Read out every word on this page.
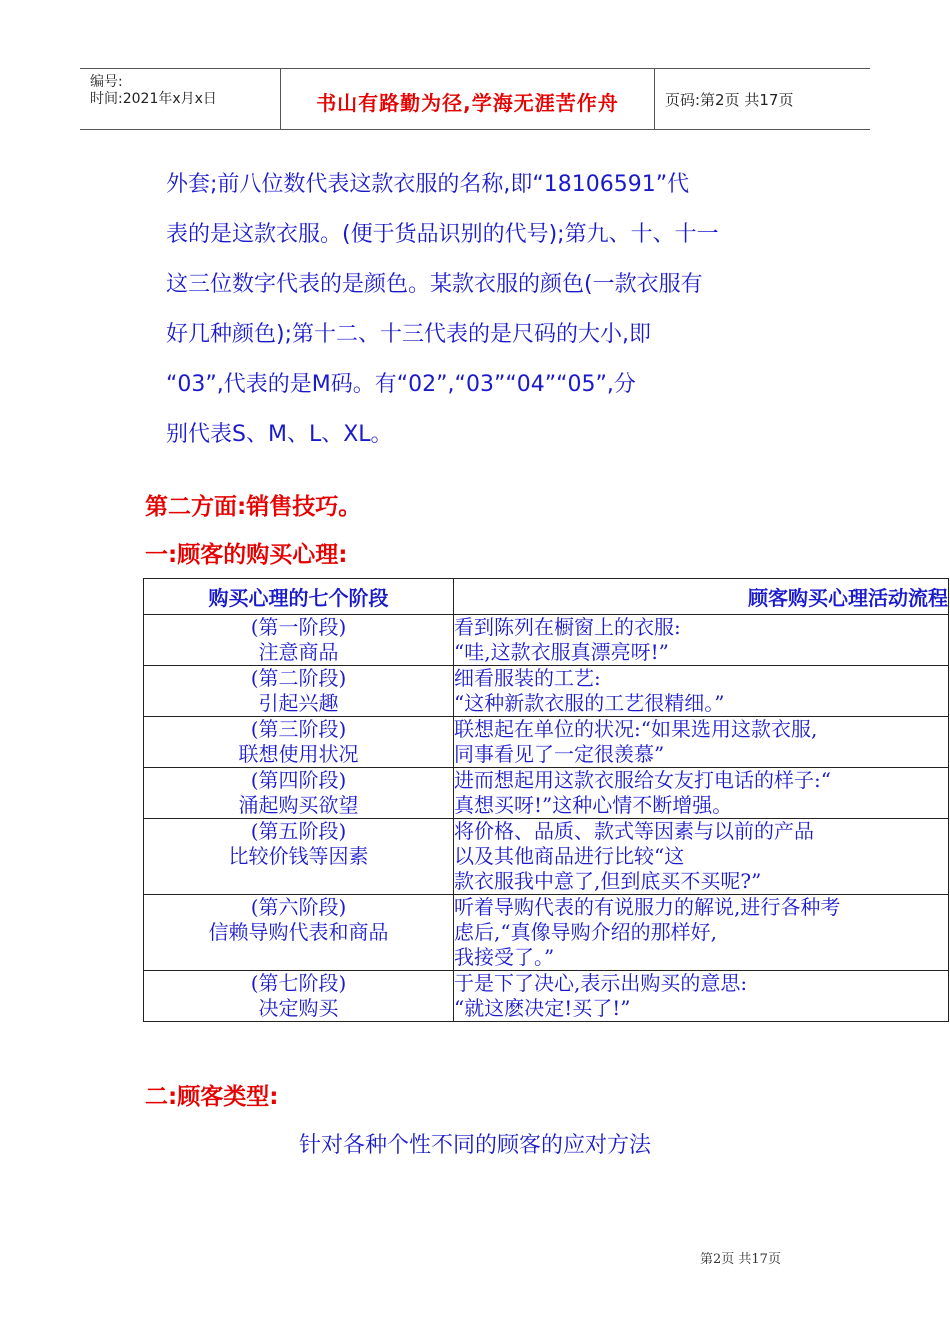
编号:
时间:2021年x月x日	书山有路勤为径,学海无涯苦作舟	页码:第2页 共17页

外套;前八位数代表这款衣服的名称,即“18106591”代

表的是这款衣服。(便于货品识别的代号);第九、十、十一

这三位数字代表的是颜色。某款衣服的颜色(一款衣服有

好几种颜色);第十二、十三代表的是尺码的大小,即

“03”,代表的是M码。有“02”,“03”“04”“05”,分

别代表S、M、L、XL。

第二方面:销售技巧。
一:顾客的购买心理:
购买心理的七个阶段	顾客购买心理活动流程

(第一阶段)
注意商品	看到陈列在橱窗上的衣服:
“哇,这款衣服真漂亮呀!”

(第二阶段)
引起兴趣	细看服装的工艺:
“这种新款衣服的工艺很精细。”

(第三阶段)
联想使用状况	联想起在单位的状况:“如果选用这款衣服,
同事看见了一定很羡慕”

(第四阶段)
涌起购买欲望	进而想起用这款衣服给女友打电话的样子:“
真想买呀!”这种心情不断增强。

(第五阶段)
比较价钱等因素	将价格、品质、款式等因素与以前的产品
以及其他商品进行比较“这
款衣服我中意了,但到底买不买呢?”

(第六阶段)
信赖导购代表和商品	听着导购代表的有说服力的解说,进行各种考
虑后,“真像导购介绍的那样好,
我接受了。”

(第七阶段)
决定购买	于是下了决心,表示出购买的意思:
“就这麽决定!买了!”
二:顾客类型:
针对各种个性不同的顾客的应对方法
第2页 共17页
